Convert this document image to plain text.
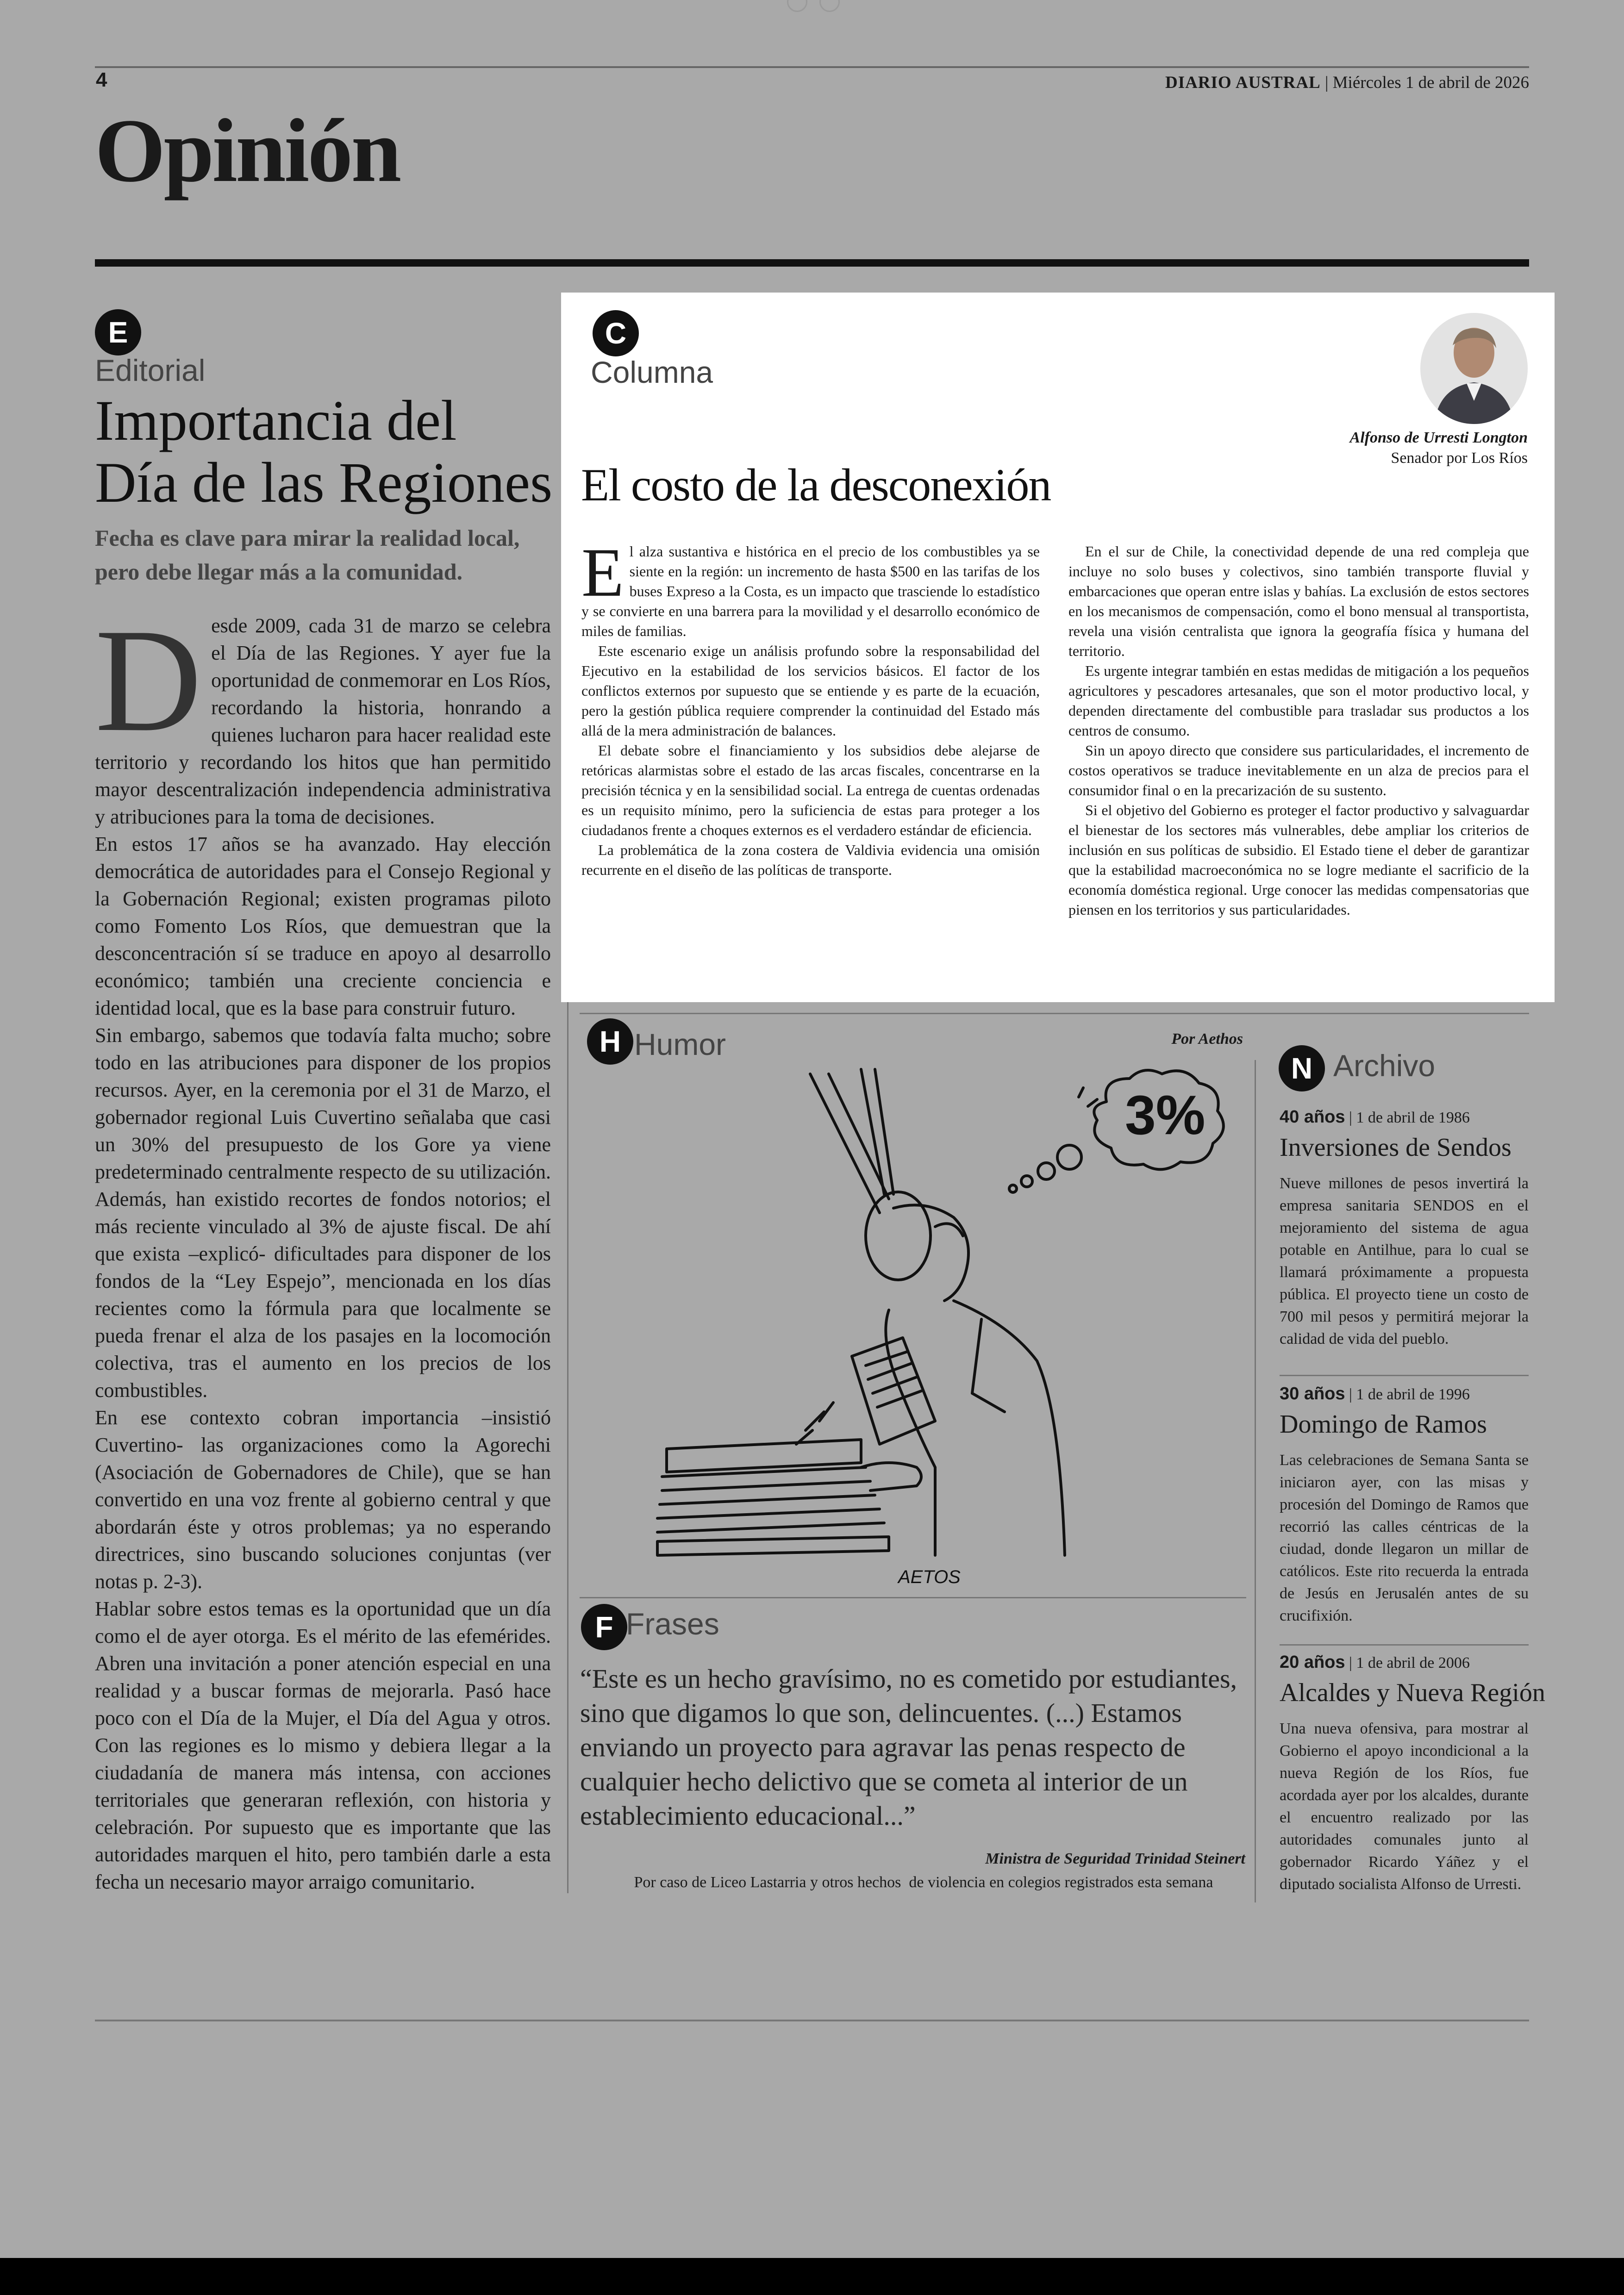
4	DIARIO AUSTRAL | Miércoles 1 de abril de 2026
Opinión
E
Editorial
Importancia del
Día de las Regiones
Fecha es clave para mirar la realidad local,
pero debe llegar más a la comunidad.
D esde 2009, cada 31 de marzo se celebra el Día de las Regiones. Y ayer fue la oportunidad de conmemorar en Los Ríos, recordando la historia, honrando a quienes lucharon para hacer realidad este territorio y recordando los hitos que han permitido mayor descentralización independencia administrativa y atribuciones para la toma de decisiones.
En estos 17 años se ha avanzado. Hay elección democrática de autoridades para el Consejo Regional y la Gobernación Regional; existen programas piloto como Fomento Los Ríos, que demuestran que la desconcentración sí se traduce en apoyo al desarrollo económico; también una creciente conciencia e identidad local, que es la base para construir futuro.
Sin embargo, sabemos que todavía falta mucho; sobre todo en las atribuciones para disponer de los propios recursos. Ayer, en la ceremonia por el 31 de Marzo, el gobernador regional Luis Cuvertino señalaba que casi un 30% del presupuesto de los Gore ya viene predeterminado centralmente respecto de su utilización. Además, han existido recortes de fondos notorios; el más reciente vinculado al 3% de ajuste fiscal. De ahí que exista –explicó- dificultades para disponer de los fondos de la “Ley Espejo”, mencionada en los días recientes como la fórmula para que localmente se pueda frenar el alza de los pasajes en la locomoción colectiva, tras el aumento en los precios de los combustibles.
En ese contexto cobran importancia –insistió Cuvertino- las organizaciones como la Agorechi (Asociación de Gobernadores de Chile), que se han convertido en una voz frente al gobierno central y que abordarán éste y otros problemas; ya no esperando directrices, sino buscando soluciones conjuntas (ver notas p. 2-3).
Hablar sobre estos temas es la oportunidad que un día como el de ayer otorga. Es el mérito de las efemérides. Abren una invitación a poner atención especial en una realidad y a buscar formas de mejorarla. Pasó hace poco con el Día de la Mujer, el Día del Agua y otros. Con las regiones es lo mismo y debiera llegar a la ciudadanía de manera más intensa, con acciones territoriales que generaran reflexión, con historia y celebración. Por supuesto que es importante que las autoridades marquen el hito, pero también darle a esta fecha un necesario mayor arraigo comunitario.
C
Columna
Alfonso de Urresti Longton
Senador por Los Ríos
El costo de la desconexión
E l alza sustantiva e histórica en el precio de los combustibles ya se siente en la región: un incremento de hasta $500 en las tarifas de los buses Expreso a la Costa, es un impacto que trasciende lo estadístico y se convierte en una barrera para la movilidad y el desarrollo económico de miles de familias.

Este escenario exige un análisis profundo sobre la responsabilidad del Ejecutivo en la estabilidad de los servicios básicos. El factor de los conflictos externos por supuesto que se entiende y es parte de la ecuación, pero la gestión pública requiere comprender la continuidad del Estado más allá de la mera administración de balances.

El debate sobre el financiamiento y los subsidios debe alejarse de retóricas alarmistas sobre el estado de las arcas fiscales, concentrarse en la precisión técnica y en la sensibilidad social. La entrega de cuentas ordenadas es un requisito mínimo, pero la suficiencia de estas para proteger a los ciudadanos frente a choques externos es el verdadero estándar de eficiencia.

La problemática de la zona costera de Valdivia evidencia una omisión recurrente en el diseño de las políticas de transporte.

En el sur de Chile, la conectividad depende de una red compleja que incluye no solo buses y colectivos, sino también transporte fluvial y embarcaciones que operan entre islas y bahías. La exclusión de estos sectores en los mecanismos de compensación, como el bono mensual al transportista, revela una visión centralista que ignora la geografía física y humana del territorio.

Es urgente integrar también en estas medidas de mitigación a los pequeños agricultores y pescadores artesanales, que son el motor productivo local, y dependen directamente del combustible para trasladar sus productos a los centros de consumo.

Sin un apoyo directo que considere sus particularidades, el incremento de costos operativos se traduce inevitablemente en un alza de precios para el consumidor final o en la precarización de su sustento.

Si el objetivo del Gobierno es proteger el factor productivo y salvaguardar el bienestar de los sectores más vulnerables, debe ampliar los criterios de inclusión en sus políticas de subsidio. El Estado tiene el deber de garantizar que la estabilidad macroeconómica no se logre mediante el sacrificio de la economía doméstica regional. Urge conocer las medidas compensatorias que piensen en los territorios y sus particularidades.

H Humor	Por Aethos
3%
AETOS
F Frases
“Este es un hecho gravísimo, no es cometido por estudiantes, sino que digamos lo que son, delincuentes. (...) Estamos enviando un proyecto para agravar las penas respecto de cualquier hecho delictivo que se cometa al interior de un establecimiento educacional...”
Ministra de Seguridad Trinidad Steinert
Por caso de Liceo Lastarria y otros hechos  de violencia en colegios registrados esta semana
N Archivo
40 años | 1 de abril de 1986
Inversiones de Sendos
Nueve millones de pesos invertirá la empresa sanitaria SENDOS en el mejoramiento del sistema de agua potable en Antilhue, para lo cual se llamará próximamente a propuesta pública. El proyecto tiene un costo de 700 mil pesos y permitirá mejorar la calidad de vida del pueblo.
30 años | 1 de abril de 1996
Domingo de Ramos
Las celebraciones de Semana Santa se iniciaron ayer, con las misas y procesión del Domingo de Ramos que recorrió las calles céntricas de la ciudad, donde llegaron un millar de católicos. Este rito recuerda la entrada de Jesús en Jerusalén antes de su crucifixión.
20 años | 1 de abril de 2006
Alcaldes y Nueva Región
Una nueva ofensiva, para mostrar al Gobierno el apoyo incondicional a la nueva Región de los Ríos, fue acordada ayer por los alcaldes, durante el encuentro realizado por las autoridades comunales junto al gobernador Ricardo Yáñez y el diputado socialista Alfonso de Urresti.
